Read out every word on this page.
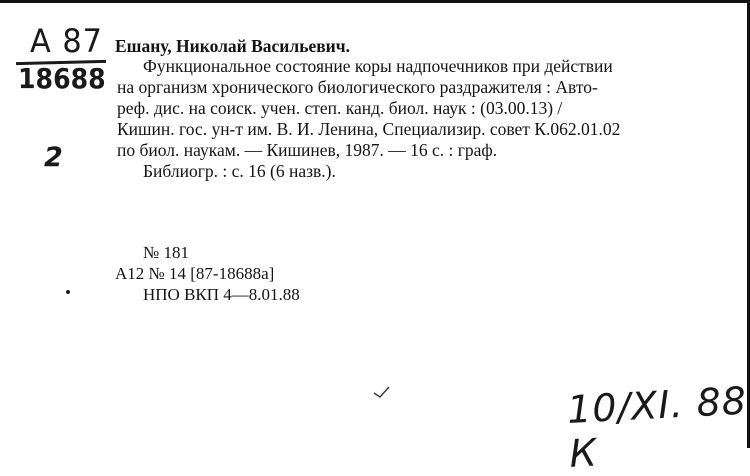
А 87
18688
2
Ешану, Николай Васильевич.
Функциональное состояние коры надпочечников при действии
на организм хронического биологического раздражителя : Авто-
реф. дис. на соиск. учен. степ. канд. биол. наук : (03.00.13) /
Кишин. гос. ун-т им. В. И. Ленина, Специализир. совет К.062.01.02
по биол. наукам. — Кишинев, 1987. — 16 с. : граф.
Библиогр. : с. 16 (6 назв.).
№ 181
А12 № 14 [87-18688а]
НПО ВКП 4—8.01.88
10/XI. 88 К
